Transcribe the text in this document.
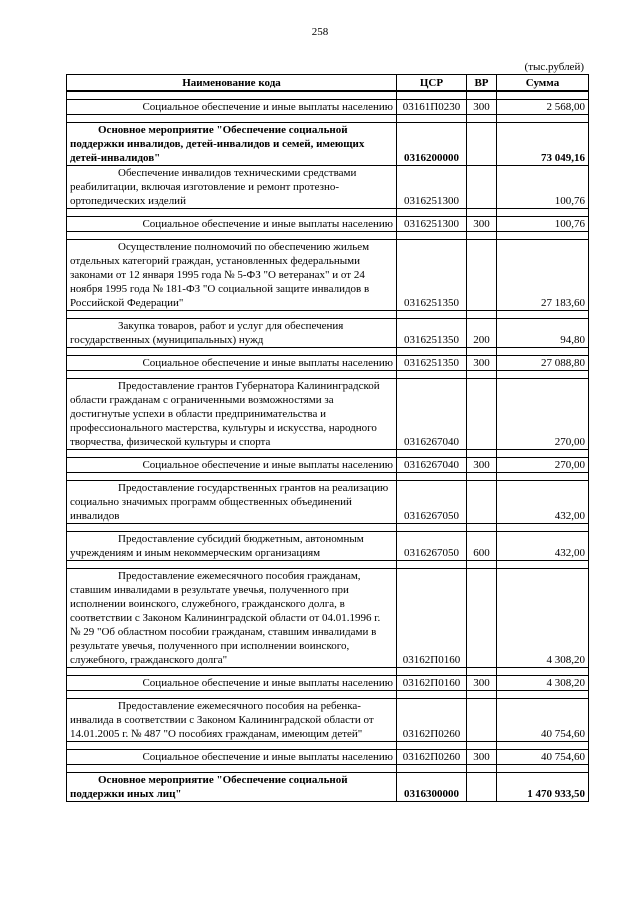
258
(тыс.рублей)
Наименование кода	ЦСР	ВР	Сумма

Социальное обеспечение и иные выплаты населению	03161П0230	300	2 568,00

Основное мероприятие "Обеспечение социальной поддержки инвалидов, детей-инвалидов и семей, имеющих детей-инвалидов"	0316200000		73 049,16

Обеспечение инвалидов техническими средствами реабилитации, включая изготовление и ремонт протезно-ортопедических изделий	0316251300		100,76

Социальное обеспечение и иные выплаты населению	0316251300	300	100,76

Осуществление полномочий по обеспечению жильем отдельных категорий граждан, установленных федеральными законами от 12 января 1995 года № 5-ФЗ "О ветеранах" и от 24 ноября 1995 года № 181-ФЗ "О социальной защите инвалидов в Российской Федерации"	0316251350		27 183,60

Закупка товаров, работ и услуг для обеспечения государственных (муниципальных) нужд	0316251350	200	94,80

Социальное обеспечение и иные выплаты населению	0316251350	300	27 088,80

Предоставление грантов Губернатора Калининградской области гражданам с ограниченными возможностями за достигнутые успехи в области предпринимательства и профессионального мастерства, культуры и искусства, народного творчества, физической культуры и спорта	0316267040		270,00

Социальное обеспечение и иные выплаты населению	0316267040	300	270,00

Предоставление государственных грантов на реализацию социально значимых программ общественных объединений инвалидов	0316267050		432,00

Предоставление субсидий бюджетным, автономным учреждениям и иным некоммерческим организациям	0316267050	600	432,00

Предоставление ежемесячного пособия гражданам, ставшим инвалидами в результате увечья, полученного при исполнении воинского, служебного, гражданского долга, в соответствии с Законом Калининградской области от 04.01.1996 г. № 29 "Об областном пособии гражданам, ставшим инвалидами в результате увечья, полученного при исполнении воинского, служебного, гражданского долга"	03162П0160		4 308,20

Социальное обеспечение и иные выплаты населению	03162П0160	300	4 308,20

Предоставление ежемесячного пособия на ребенка-инвалида в соответствии с Законом Калининградской области от 14.01.2005 г. № 487 "О пособиях гражданам, имеющим детей"	03162П0260		40 754,60

Социальное обеспечение и иные выплаты населению	03162П0260	300	40 754,60

Основное мероприятие "Обеспечение социальной поддержки иных лиц"	0316300000		1 470 933,50
